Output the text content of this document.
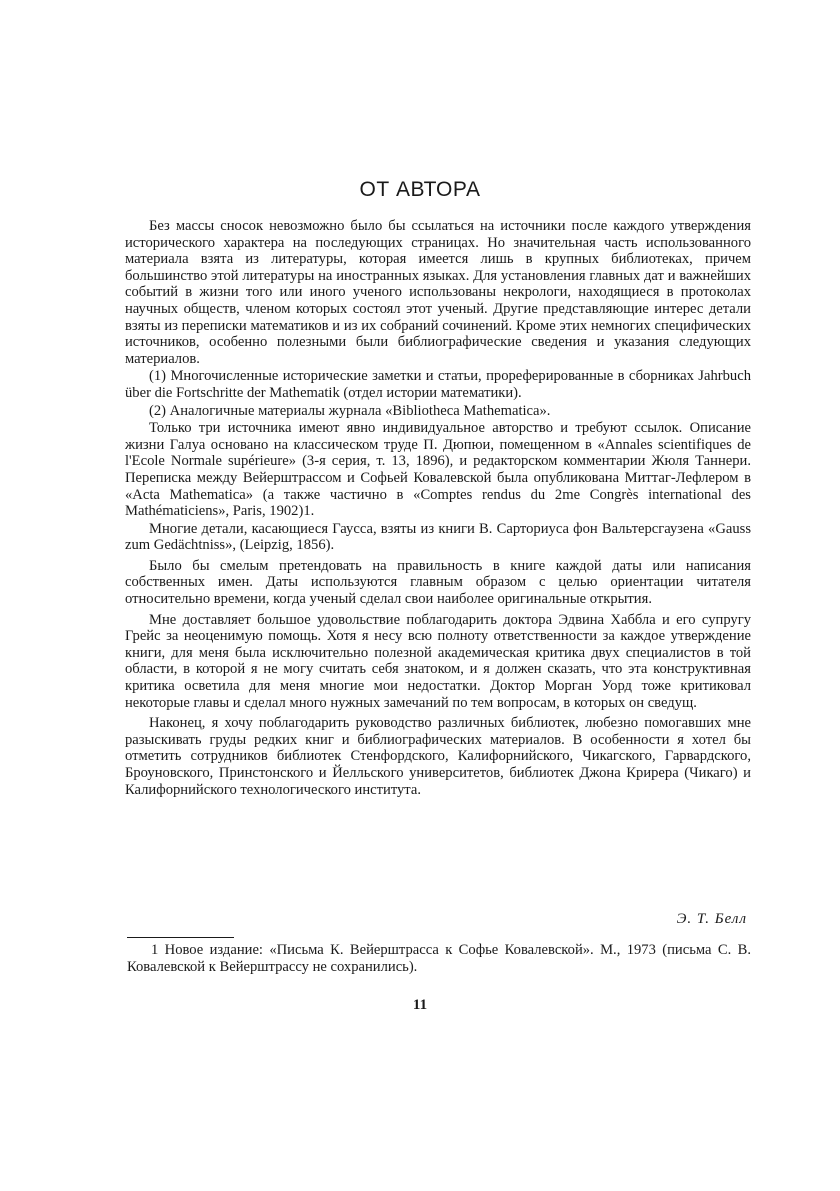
ОТ АВТОРА

Без массы сносок невозможно было бы ссылаться на источники после каждого утверждения исторического характера на последующих страницах. Но значительная часть использованного материала взята из литературы, которая имеется лишь в крупных библиотеках, причем большинство этой литературы на иностранных языках. Для установления главных дат и важнейших событий в жизни того или иного ученого использованы некрологи, находящиеся в протоколах научных обществ, членом которых состоял этот ученый. Другие представляющие интерес детали взяты из переписки математиков и из их собраний сочинений. Кроме этих немногих специфических источников, особенно полезными были библиографические сведения и указания следующих материалов.

(1) Многочисленные исторические заметки и статьи, прореферированные в сборниках Jahrbuch über die Fortschritte der Mathematik (отдел истории математики).

(2) Аналогичные материалы журнала «Bibliotheca Mathematica».

Только три источника имеют явно индивидуальное авторство и требуют ссылок. Описание жизни Галуа основано на классическом труде П. Дюпюи, помещенном в «Annales scientifiques de l'Ecole Normale supérieure» (3-я серия, т. 13, 1896), и редакторском комментарии Жюля Таннери. Переписка между Вейерштрассом и Софьей Ковалевской была опубликована Миттаг-Лефлером в «Acta Mathematica» (а также частично в «Comptes rendus du 2me Congrès international des Mathématiciens», Paris, 1902)1.

Многие детали, касающиеся Гаусса, взяты из книги В. Сарториуса фон Вальтерсгаузена «Gauss zum Gedächtniss», (Leipzig, 1856).

Было бы смелым претендовать на правильность в книге каждой даты или написания собственных имен. Даты используются главным образом с целью ориентации читателя относительно времени, когда ученый сделал свои наиболее оригинальные открытия.

Мне доставляет большое удовольствие поблагодарить доктора Эдвина Хаббла и его супругу Грейс за неоценимую помощь. Хотя я несу всю полноту ответственности за каждое утверждение книги, для меня была исключительно полезной академическая критика двух специалистов в той области, в которой я не могу считать себя знатоком, и я должен сказать, что эта конструктивная критика осветила для меня многие мои недостатки. Доктор Морган Уорд тоже критиковал некоторые главы и сделал много нужных замечаний по тем вопросам, в которых он сведущ.

Наконец, я хочу поблагодарить руководство различных библиотек, любезно помогавших мне разыскивать груды редких книг и библиографических материалов. В особенности я хотел бы отметить сотрудников библиотек Стенфордского, Калифорнийского, Чикагского, Гарвардского, Броуновского, Принстонского и Йелльского университетов, библиотек Джона Крирера (Чикаго) и Калифорнийского технологического института.

Э. Т. Белл
1 Новое издание: «Письма К. Вейерштрасса к Софье Ковалевской». М., 1973 (письма С. В. Ковалевской к Вейерштрассу не сохранились).
11
